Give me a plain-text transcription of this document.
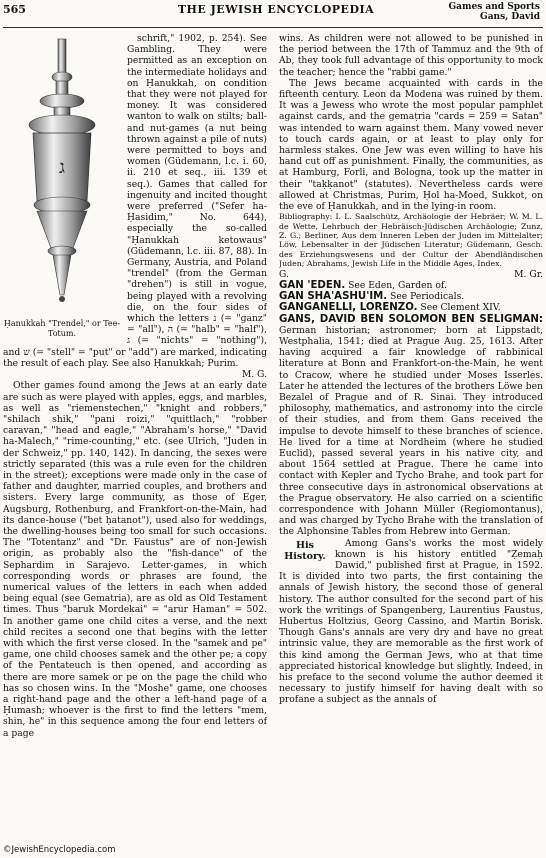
565	THE JEWISH ENCYCLOPEDIA	Games and Sports
Gans, David
ג
Ḥanukkah "Trendel," or Tee-Totum.

schrift," 1902, p. 254). See Gambling. They were permitted as an exception on the intermediate holidays and on Ḥanukkah, on condition that they were not played for money. It was considered wanton to walk on stilts; ball- and nut-games (a nut being thrown against a pile of nuts) were permitted to boys and women (Güdemann, l.c. i. 60, ii. 210 et seq., iii. 139 et seq.). Games that called for ingenuity and incited thought were preferred ("Sefer ha-Ḥasidim," No. 644), especially the so-called "Ḥanukkah ketowaus" (Güdemann, l.c. iii. 87, 88). In Germany, Austria, and Poland "trendel" (from the German "drehen") is still in vogue, being played with a revolving die, on the four sides of which the letters נ (= "ganz" = "all"), ה (= "halb" = "half"), ג (= "nichts" = "nothing"), and ש (= "stell" = "put" or "add") are marked, indicating the result of each play. See also Ḥanukkah; Purim.

M. G.

Other games found among the Jews at an early date are such as were played with apples, eggs, and marbles, as well as "riemenstechen," "knight and robbers," "shilach shik," "pani roizi," "quittlach," "robber caravan," "head and eagle," "Abraham's horse," "David ha-Malech," "rime-counting," etc. (see Ulrich, "Juden in der Schweiz," pp. 140, 142). In dancing, the sexes were strictly separated (this was a rule even for the children in the street); exceptions were made only in the case of father and daughter, married couples, and brothers and sisters. Every large community, as those of Eger, Augsburg, Rothenburg, and Frankfort-on-the-Main, had its dance-house ("bet ḥatanot"), used also for weddings, the dwelling-houses being too small for such occasions. The "Totentanz" and "Dr. Faustus" are of non-Jewish origin, as probably also the "fish-dance" of the Sephardim in Sarajevo. Letter-games, in which corresponding words or phrases are found, the numerical values of the letters in each when added being equal (see Gematria), are as old as Old Testament times. Thus "baruk Mordekai" = "arur Haman" = 502. In another game one child cites a verse, and the next child recites a second one that begins with the letter with which the first verse closed. In the "samek and pe" game, one child chooses samek and the other pe; a copy of the Pentateuch is then opened, and according as there are more samek or pe on the page the child who has so chosen wins. In the "Moshe" game, one chooses a right-hand page and the other a left-hand page of a Ḥumash; whoever is the first to find the letters "mem, shin, he" in this sequence among the four end letters of a page

wins. As children were not allowed to be punished in the period between the 17th of Tammuz and the 9th of Ab, they took full advantage of this opportunity to mock the teacher; hence the "rabbi game."

The Jews became acquainted with cards in the fifteenth century. Leon da Modena was ruined by them. It was a Jewess who wrote the most popular pamphlet against cards, and the gemaṭria "cards = 259 = Satan" was intended to warn against them. Many vowed never to touch cards again, or at least to play only for harmless stakes. One Jew was even willing to have his hand cut off as punishment. Finally, the communities, as at Hamburg, Forli, and Bologna, took up the matter in their "taḳḳanot" (statutes). Nevertheless cards were allowed at Christmas, Purim, Ḥol ha-Moed, Sukkot, on the eve of Ḥanukkah, and in the lying-in room.

Bibliography: I. L. Saalschütz, Archäologie der Hebräer; W. M. L. de Wette, Lehrbuch der Hebräisch-Jüdischen Archäologie; Zunz, Z. G.; Berliner, Aus dem Inneren Leben der Juden im Mittelalter; Löw, Lebensalter in der Jüdischen Literatur; Güdemann, Gesch. des Erziehungswesens und der Cultur der Abendländischen Juden; Abrahams, Jewish Life in the Middle Ages, Index.

G.	M. Gr.

GAN 'EDEN. See Eden, Garden of.

GAN SHA'ASHU'IM. See Periodicals.

GANGANELLI, LORENZO. See Clement XIV.

GANS, DAVID BEN SOLOMON BEN SELIGMAN: German historian; astronomer; born at Lippstadt, Westphalia, 1541; died at Prague Aug. 25, 1613. After having acquired a fair knowledge of rabbinical literature at Bonn and Frankfort-on-the-Main, he went to Cracow, where he studied under Moses Isserles. Later he attended the lectures of the brothers Löwe ben Bezalel of Prague and of R. Sinai. They introduced philosophy, mathematics, and astronomy into the circle of their studies, and from them Gans received the impulse to devote himself to these branches of science. He lived for a time at Nordheim (where he studied Euclid), passed several years in his native city, and about 1564 settled at Prague. There he came into contact with Kepler and Tycho Brahe, and took part for three consecutive days in astronomical observations at the Prague observatory. He also carried on a scientific correspondence with Johann Müller (Regiomontanus), and was charged by Tycho Brahe with the translation of the Alphonsine Tables from Hebrew into German.

His History.

Among Gans's works the most widely known is his history entitled "Ẓemaḥ Dawid," published first at Prague, in 1592. It is divided into two parts, the first containing the annals of Jewish history, the second those of general history. The author consulted for the second part of his work the writings of Spangenberg, Laurentius Faustus, Hubertus Holtzius, Georg Cassino, and Martin Borisk. Though Gans's annals are very dry and have no great intrinsic value, they are memorable as the first work of this kind among the German Jews, who at that time appreciated historical knowledge but slightly. Indeed, in his preface to the second volume the author deemed it necessary to justify himself for having dealt with so profane a subject as the annals of

©JewishEncyclopedia.com
